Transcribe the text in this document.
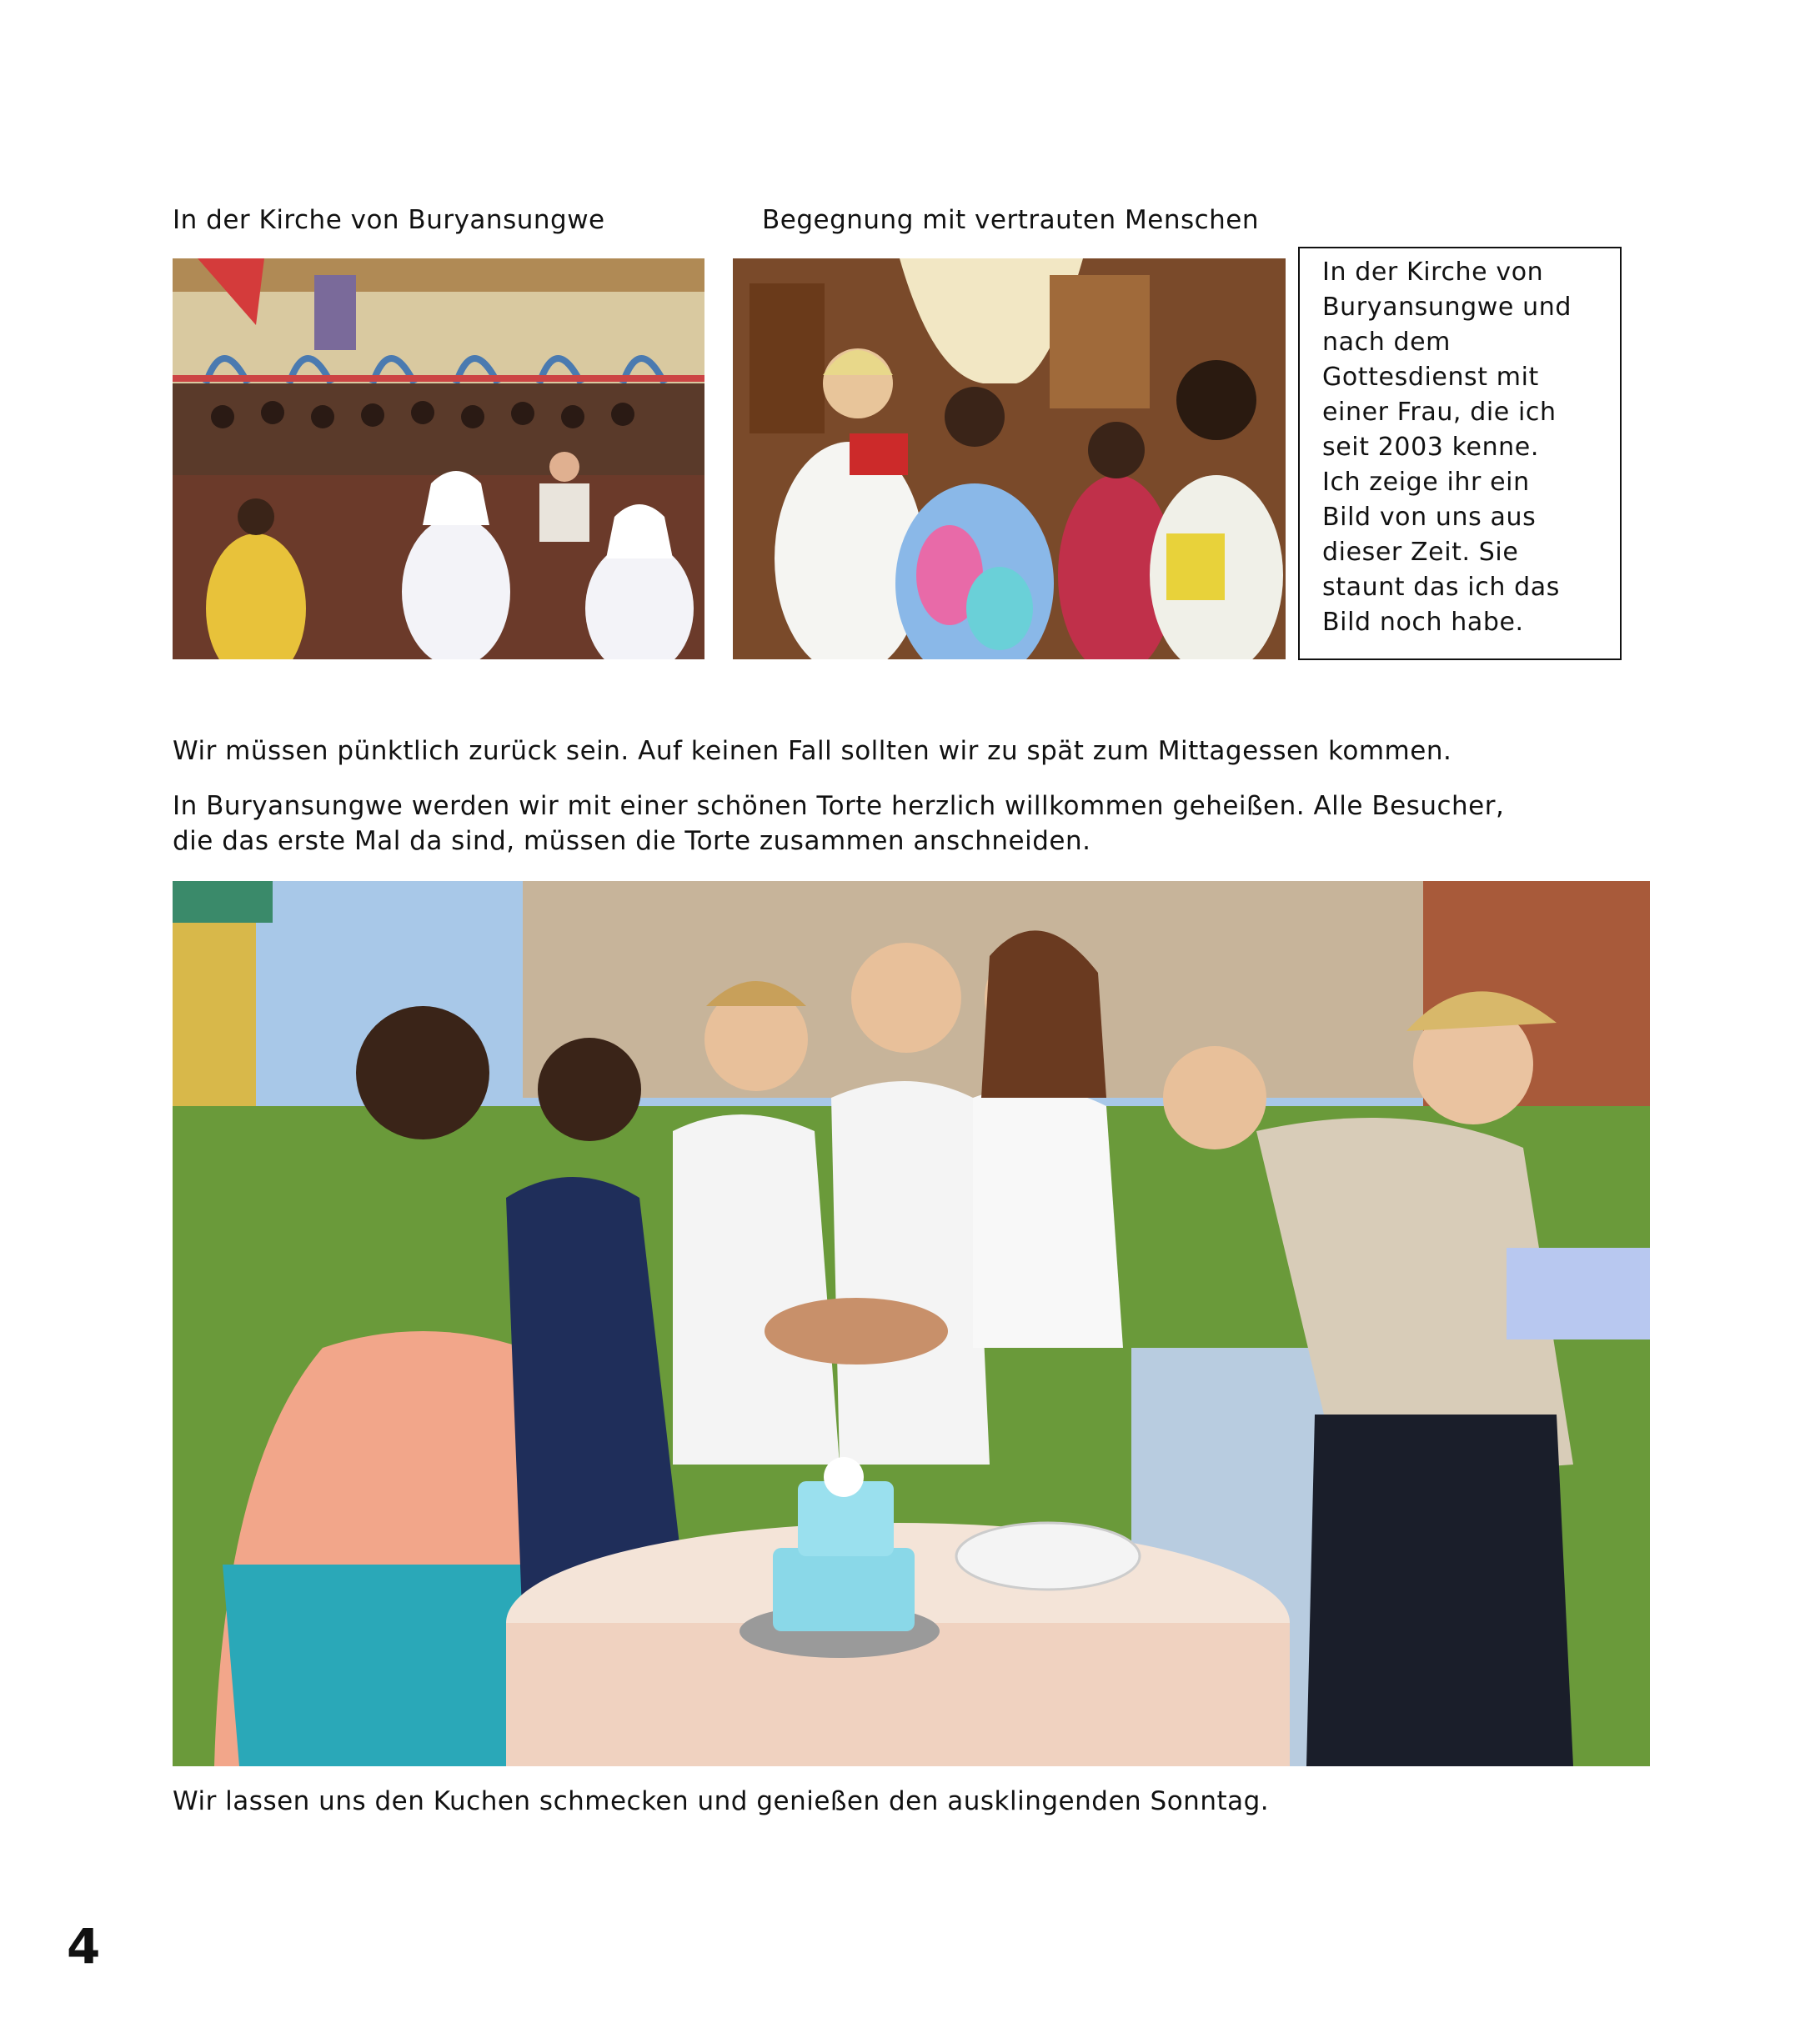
In der Kirche von Buryansungwe	Begegnung mit vertrauten Menschen
In der Kirche von
Buryansungwe und
nach dem
Gottesdienst mit
einer Frau, die ich
seit 2003 kenne.
Ich zeige ihr ein
Bild von uns aus
dieser Zeit. Sie
staunt das ich das
Bild noch habe.
Wir müssen pünktlich zurück sein. Auf keinen Fall sollten wir zu spät zum Mittagessen kommen.
In Buryansungwe werden wir mit einer schönen Torte herzlich willkommen geheißen. Alle Besucher,
die das erste Mal da sind, müssen die Torte zusammen anschneiden.
Wir lassen uns den Kuchen schmecken und genießen den ausklingenden Sonntag.
4
